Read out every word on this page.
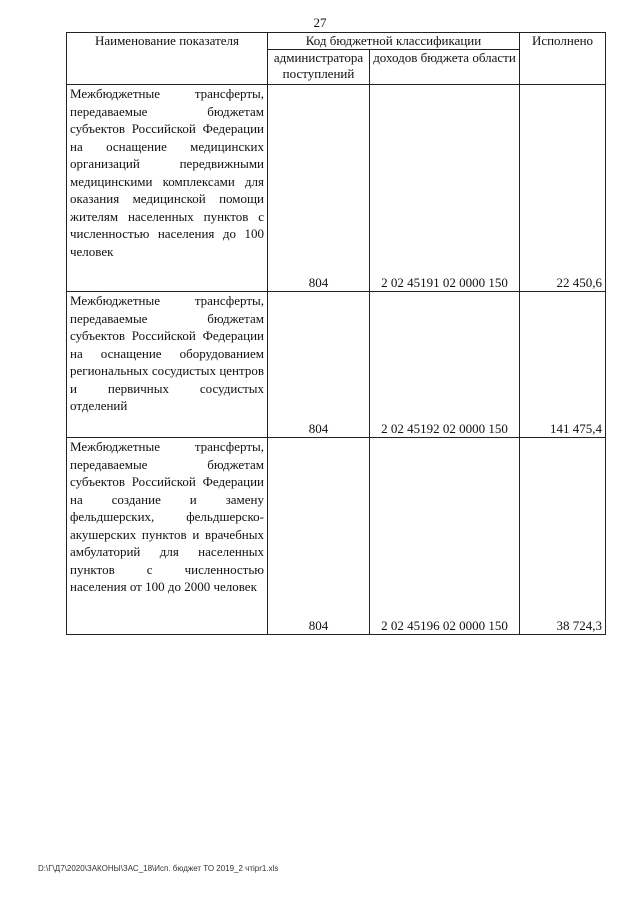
27
Наименование показателя	Код бюджетной классификации		Исполнено
	администратора поступлений	доходов бюджета области	
Межбюджетные трансферты, передаваемые бюджетам субъектов Российской Федерации на оснащение медицинских организаций передвижными медицинскими комплексами для оказания медицинской помощи жителям населенных пунктов с численностью населения до 100 человек	804	2 02 45191 02 0000 150	22 450,6
Межбюджетные трансферты, передаваемые бюджетам субъектов Российской Федерации на оснащение оборудованием региональных сосудистых центров и первичных сосудистых отделений	804	2 02 45192 02 0000 150	141 475,4
Межбюджетные трансферты, передаваемые бюджетам субъектов Российской Федерации на создание и замену фельдшерских, фельдшерско-акушерских пунктов и врачебных амбулаторий для населенных пунктов с численностью населения от 100 до 2000 человек	804	2 02 45196 02 0000 150	38 724,3
D:\Г\Д7\2020\ЗАКОНЫ\ЗАС_18\Исп. бюджет ТО 2019_2 чтipr1.xls
